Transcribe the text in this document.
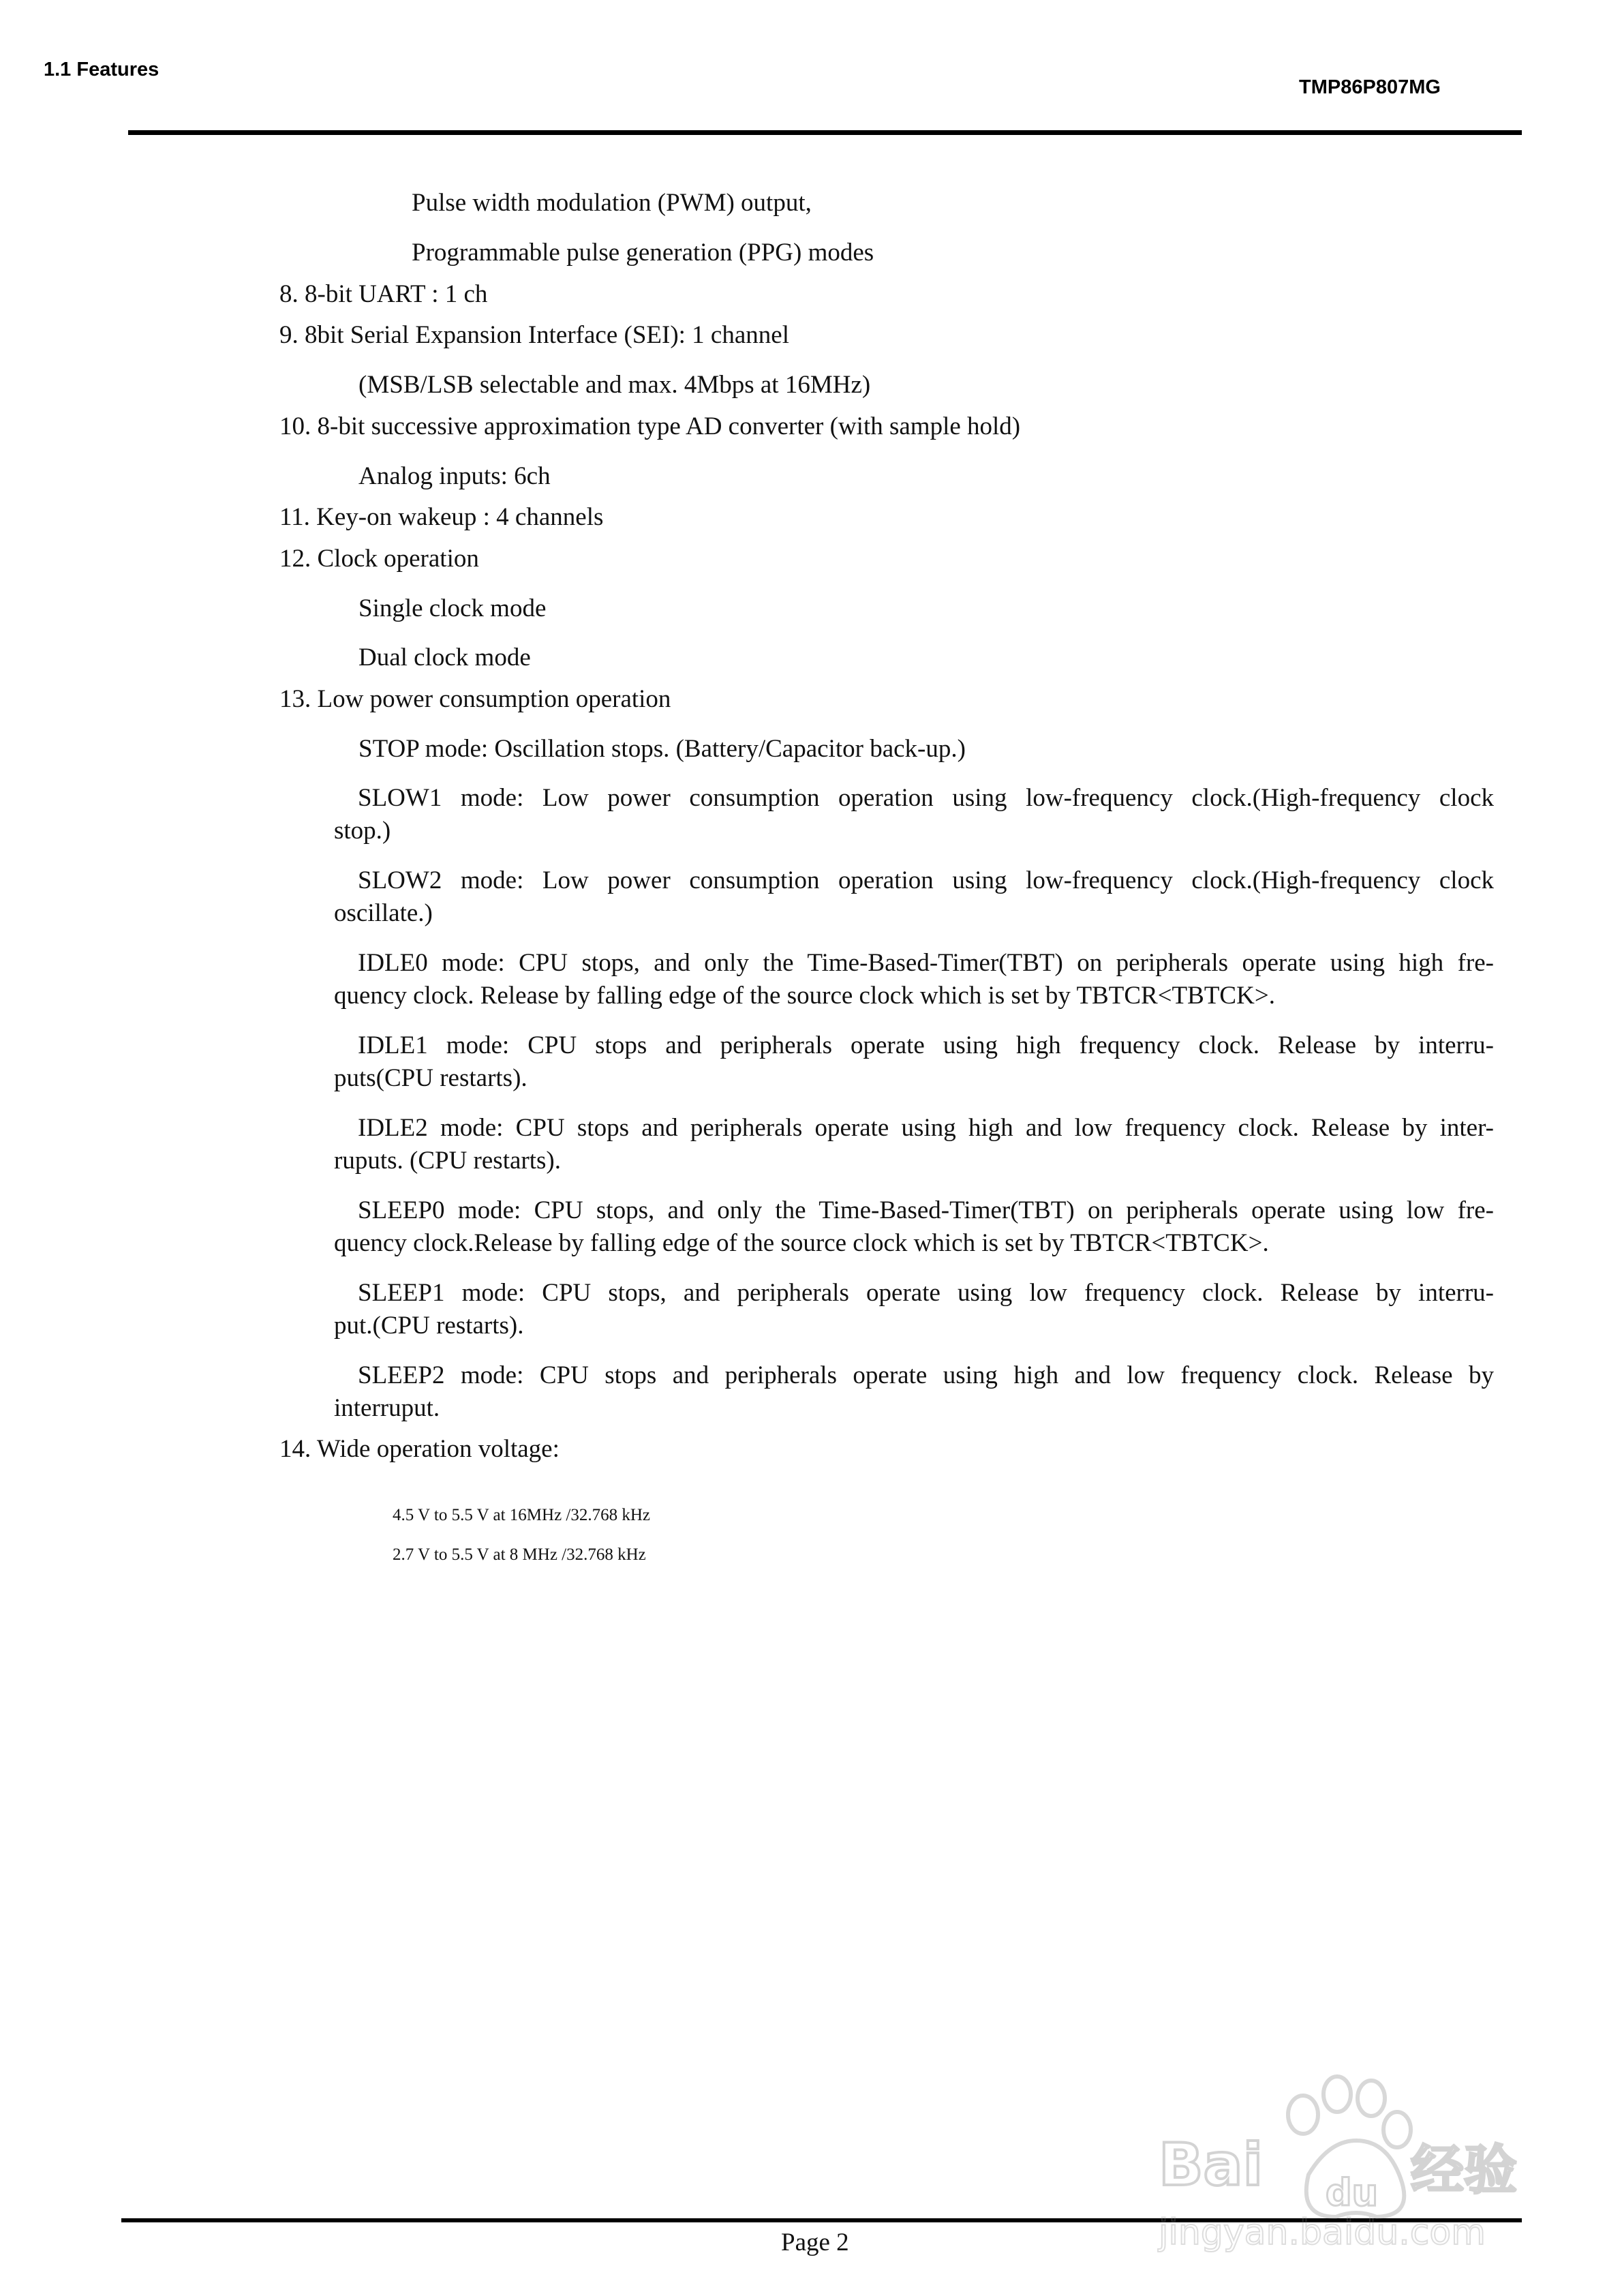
1.1 Features
TMP86P807MG
Pulse width modulation (PWM) output,
Programmable pulse generation (PPG) modes
8. 8-bit UART : 1 ch
9. 8bit Serial Expansion Interface (SEI): 1 channel
(MSB/LSB selectable and max. 4Mbps at 16MHz)
10. 8-bit successive approximation type AD converter (with sample hold)
Analog inputs: 6ch
11. Key-on wakeup : 4 channels
12. Clock operation
Single clock mode
Dual clock mode
13. Low power consumption operation
STOP mode: Oscillation stops. (Battery/Capacitor back-up.)
SLOW1 mode: Low power consumption operation using low-frequency clock.(High-frequency clock
stop.)
SLOW2 mode: Low power consumption operation using low-frequency clock.(High-frequency clock
oscillate.)
IDLE0 mode: CPU stops, and only the Time-Based-Timer(TBT) on peripherals operate using high fre-
quency clock. Release by falling edge of the source clock which is set by TBTCR<TBTCK>.
IDLE1 mode: CPU stops and peripherals operate using high frequency clock. Release by interru-
puts(CPU restarts).
IDLE2 mode: CPU stops and peripherals operate using high and low frequency clock. Release by inter-
ruputs. (CPU restarts).
SLEEP0 mode: CPU stops, and only the Time-Based-Timer(TBT) on peripherals operate using low fre-
quency clock.Release by falling edge of the source clock which is set by TBTCR<TBTCK>.
SLEEP1 mode: CPU stops, and peripherals operate using low frequency clock. Release by interru-
put.(CPU restarts).
SLEEP2 mode: CPU stops and peripherals operate using high and low frequency clock. Release by
interruput.
14. Wide operation voltage:
4.5 V to 5.5 V at 16MHz /32.768 kHz
2.7 V to 5.5 V at 8 MHz /32.768 kHz
Page 2
Bai du 经验
jingyan.baidu.com
